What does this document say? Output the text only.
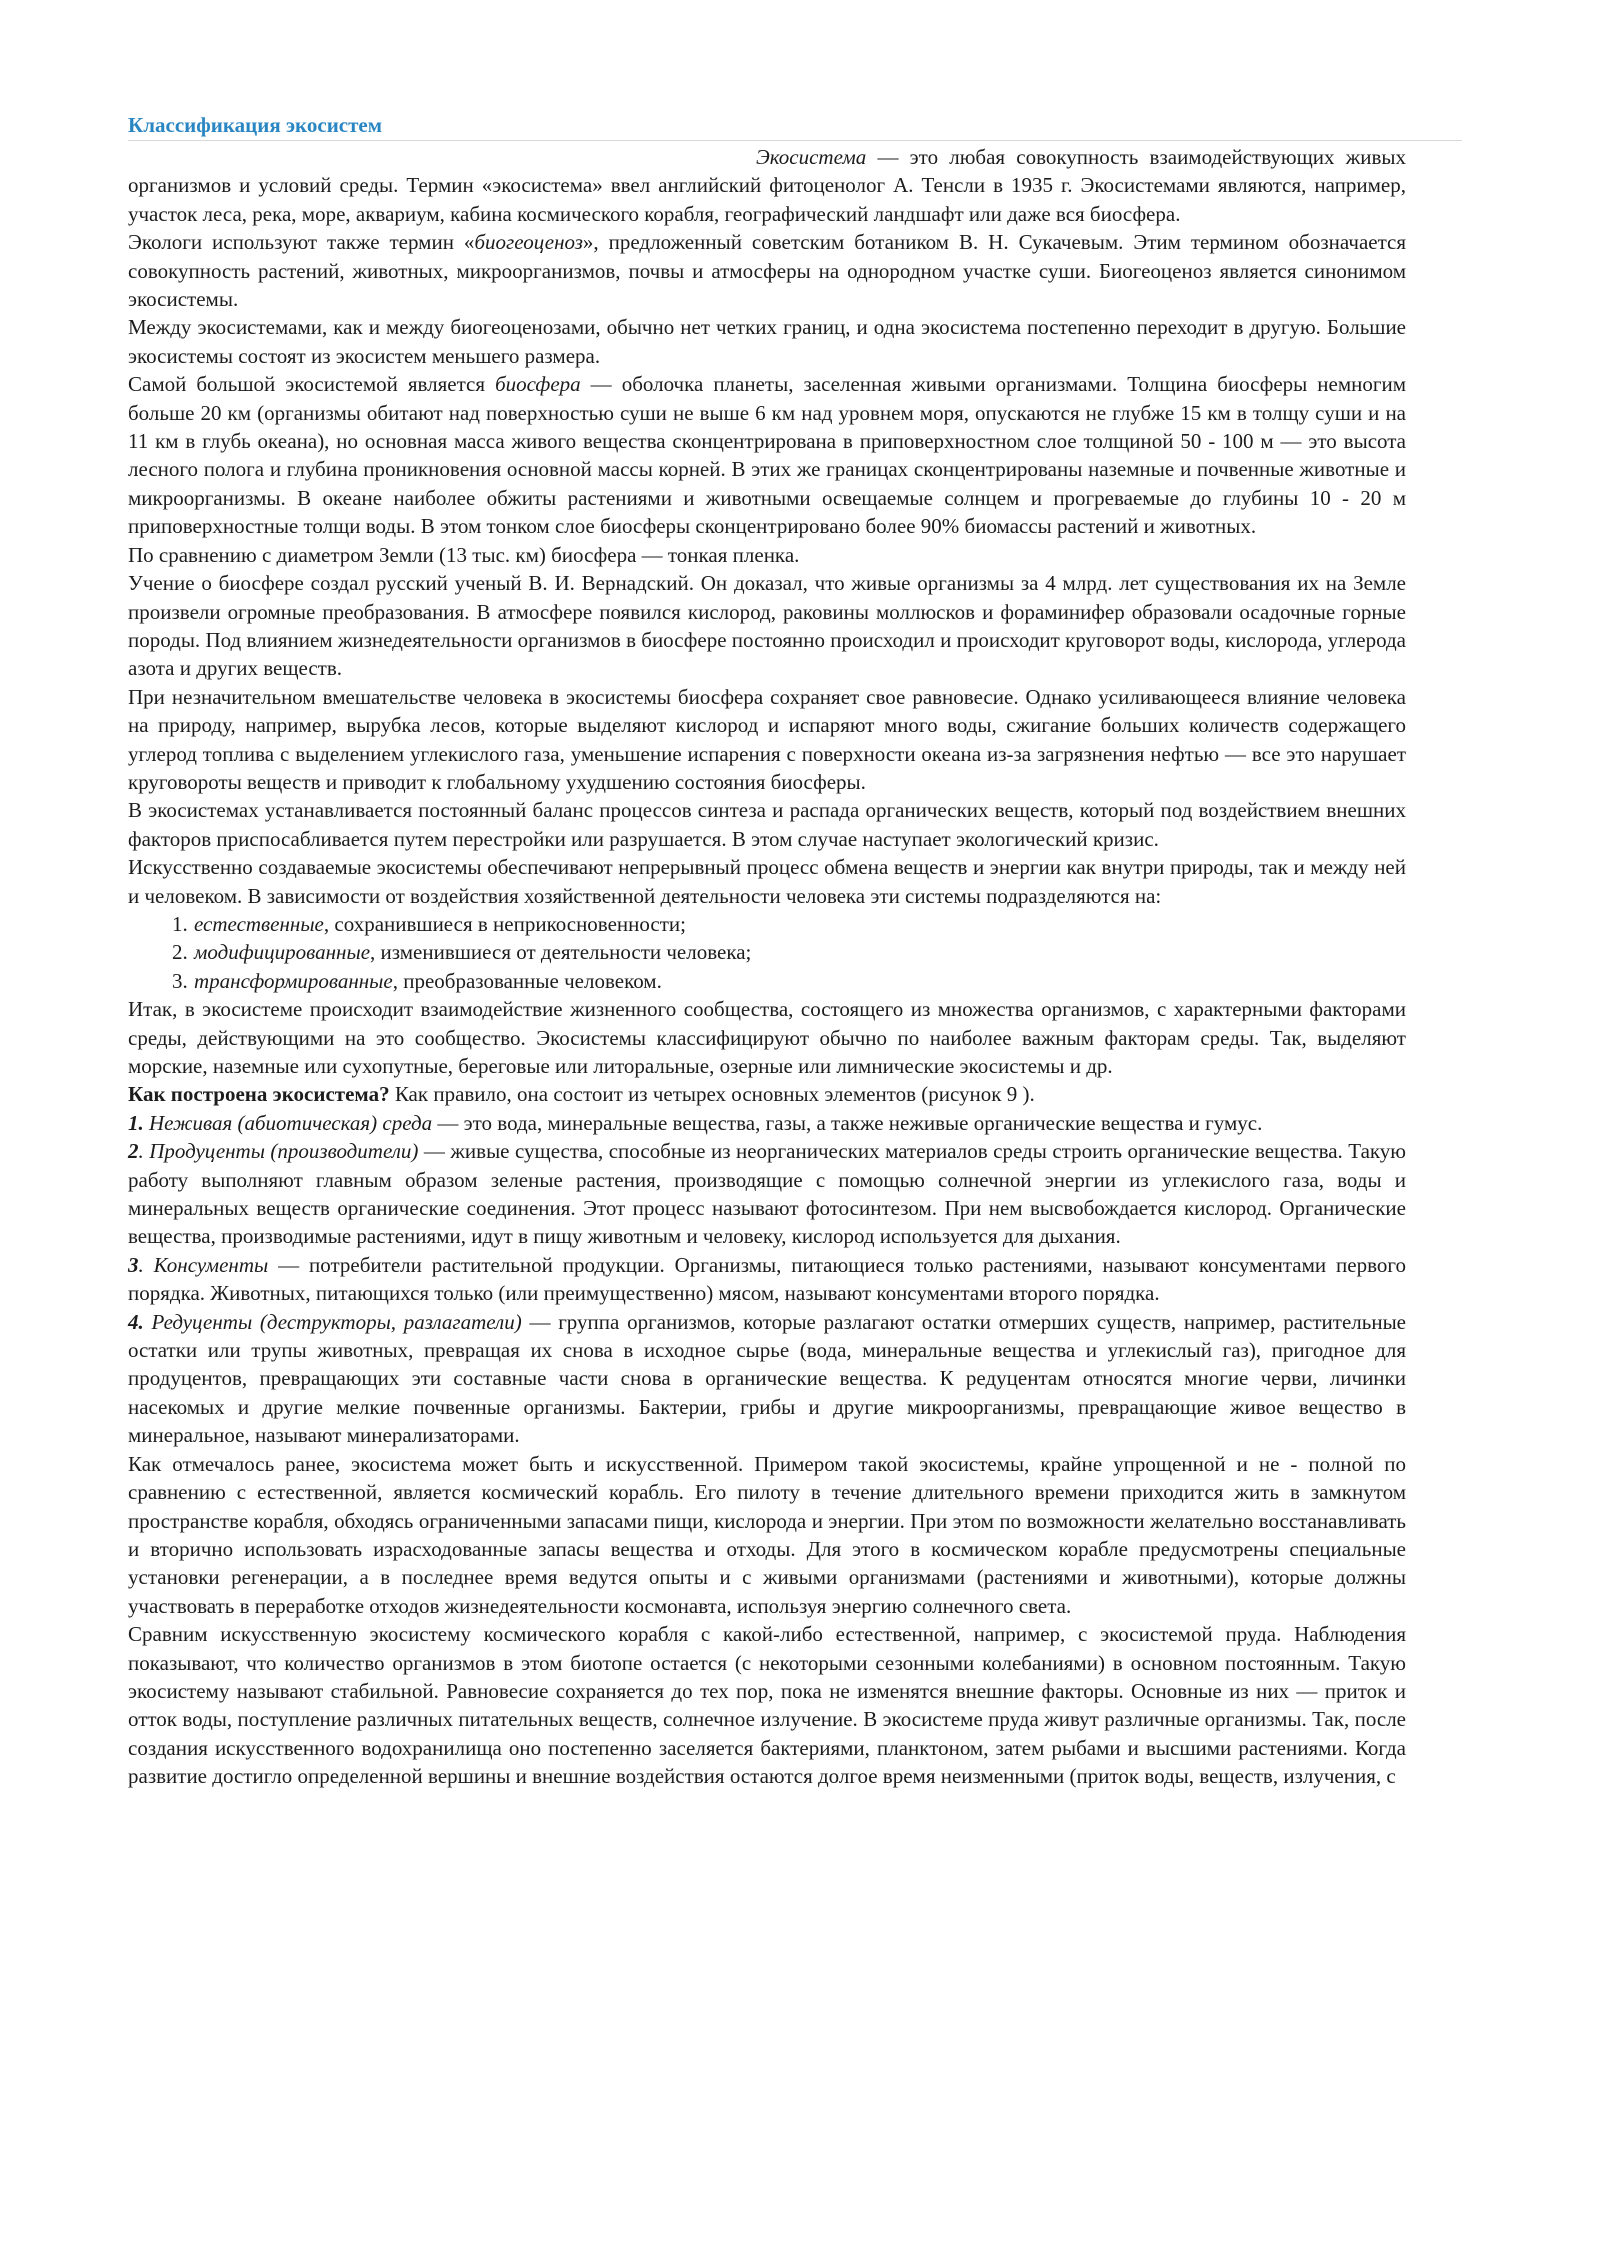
Классификация экосистем

Экосистема — это любая совокупность взаимодействующих живых организмов и условий среды. Термин «экосистема» ввел английский фитоценолог А. Тенсли в 1935 г. Экосистемами являются, например, участок леса, река, море, аквариум, кабина космического корабля, географический ландшафт или даже вся биосфера.

Экологи используют также термин «биогеоценоз», предложенный советским ботаником В. Н. Сукачевым. Этим термином обозначается совокупность растений, животных, микроорганизмов, почвы и атмосферы на однородном участке суши. Биогеоценоз является синонимом экосистемы.

Между экосистемами, как и между биогеоценозами, обычно нет четких границ, и одна экосистема постепенно переходит в другую. Большие экосистемы состоят из экосистем меньшего размера.

Самой большой экосистемой является биосфера — оболочка планеты, заселенная живыми организмами. Толщина биосферы немногим больше 20 км (организмы обитают над поверхностью суши не выше 6 км над уровнем моря, опускаются не глубже 15 км в толщу суши и на 11 км в глубь океана), но основная масса живого вещества сконцентрирована в приповерхностном слое толщиной 50 - 100 м — это высота лесного полога и глубина проникновения основной массы корней. В этих же границах сконцентрированы наземные и почвенные животные и микроорганизмы. В океане наиболее обжиты растениями и животными освещаемые солнцем и прогреваемые до глубины 10 - 20 м приповерхностные толщи воды. В этом тонком слое биосферы сконцентрировано более 90% биомассы растений и животных.

По сравнению с диаметром Земли (13 тыс. км) биосфера — тонкая пленка.

Учение о биосфере создал русский ученый В. И. Вернадский. Он доказал, что живые организмы за 4 млрд. лет существования их на Земле произвели огромные преобразования. В атмосфере появился кислород, раковины моллюсков и фораминифер образовали осадочные горные породы. Под влиянием жизнедеятельности организмов в биосфере постоянно происходил и происходит круговорот воды, кислорода, углерода азота и других веществ.

При незначительном вмешательстве человека в экосистемы биосфера сохраняет свое равновесие. Однако усиливающееся влияние человека на природу, например, вырубка лесов, которые выделяют кислород и испаряют много воды, сжигание больших количеств содержащего углерод топлива с выделением углекислого газа, уменьшение испарения с поверхности океана из-за загрязнения нефтью — все это нарушает круговороты веществ и приводит к глобальному ухудшению состояния биосферы.

В экосистемах устанавливается постоянный баланс процессов синтеза и распада органических веществ, который под воздействием внешних факторов приспосабливается путем перестройки или разрушается. В этом случае наступает экологический кризис.

Искусственно создаваемые экосистемы обеспечивают непрерывный процесс обмена веществ и энергии как внутри природы, так и между ней и человеком. В зависимости от воздействия хозяйственной деятельности человека эти системы подразделяются на:

1. естественные, сохранившиеся в неприкосновенности;
2. модифицированные, изменившиеся от деятельности человека;
3. трансформированные, преобразованные человеком.

Итак, в экосистеме происходит взаимодействие жизненного сообщества, состоящего из множества организмов, с характерными факторами среды, действующими на это сообщество. Экосистемы классифицируют обычно по наиболее важным факторам среды. Так, выделяют морские, наземные или сухопутные, береговые или литоральные, озерные или лимнические экосистемы и др.

Как построена экосистема? Как правило, она состоит из четырех основных элементов (рисунок 9 ).

1. Неживая (абиотическая) среда — это вода, минеральные вещества, газы, а также неживые органические вещества и гумус.

2. Продуценты (производители) — живые существа, способные из неорганических материалов среды строить органические вещества. Такую работу выполняют главным образом зеленые растения, производящие с помощью солнечной энергии из углекислого газа, воды и минеральных веществ органические соединения. Этот процесс называют фотосинтезом. При нем высвобождается кислород. Органические вещества, производимые растениями, идут в пищу животным и человеку, кислород используется для дыхания.

3. Консументы — потребители растительной продукции. Организмы, питающиеся только растениями, называют консументами первого порядка. Животных, питающихся только (или преимущественно) мясом, называют консументами второго порядка.

4. Редуценты (деструкторы, разлагатели) — группа организмов, которые разлагают остатки отмерших существ, например, растительные остатки или трупы животных, превращая их снова в исходное сырье (вода, минеральные вещества и углекислый газ), пригодное для продуцентов, превращающих эти составные части снова в органические вещества. К редуцентам относятся многие черви, личинки насекомых и другие мелкие почвенные организмы. Бактерии, грибы и другие микроорганизмы, превращающие живое вещество в минеральное, называют минерализаторами.

Как отмечалось ранее, экосистема может быть и искусственной. Примером такой экосистемы, крайне упрощенной и не - полной по сравнению с естественной, является космический корабль. Его пилоту в течение длительного времени приходится жить в замкнутом пространстве корабля, обходясь ограниченными запасами пищи, кислорода и энергии. При этом по возможности желательно восстанавливать и вторично использовать израсходованные запасы вещества и отходы. Для этого в космическом корабле предусмотрены специальные установки регенерации, а в последнее время ведутся опыты и с живыми организмами (растениями и животными), которые должны участвовать в переработке отходов жизнедеятельности космонавта, используя энергию солнечного света.

Сравним искусственную экосистему космического корабля с какой-либо естественной, например, с экосистемой пруда. Наблюдения показывают, что количество организмов в этом биотопе остается (с некоторыми сезонными колебаниями) в основном постоянным. Такую экосистему называют стабильной. Равновесие сохраняется до тех пор, пока не изменятся внешние факторы. Основные из них — приток и отток воды, поступление различных питательных веществ, солнечное излучение. В экосистеме пруда живут различные организмы. Так, после создания искусственного водохранилища оно постепенно заселяется бактериями, планктоном, затем рыбами и высшими растениями. Когда развитие достигло определенной вершины и внешние воздействия остаются долгое время неизменными (приток воды, веществ, излучения, с
